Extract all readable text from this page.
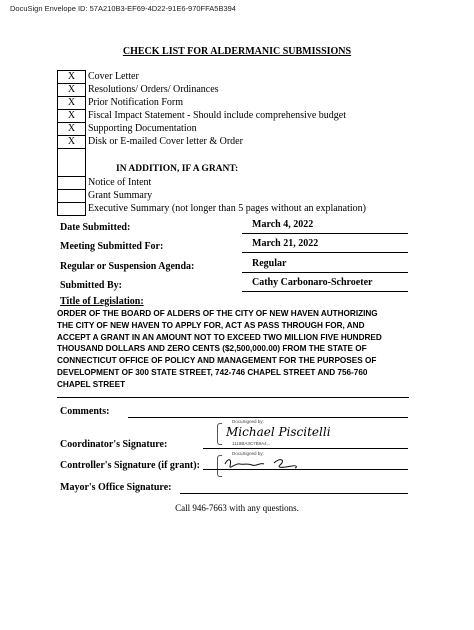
DocuSign Envelope ID: 57A210B3-EF69-4D22-91E6-970FFA5B394
CHECK LIST FOR ALDERMANIC SUBMISSIONS
X	Cover Letter
X	Resolutions/ Orders/ Ordinances
X	Prior Notification Form
X	Fiscal Impact Statement - Should include comprehensive budget
X	Supporting Documentation
X	Disk or E-mailed Cover letter & Order
IN ADDITION, IF A GRANT:
Notice of Intent
Grant Summary
Executive Summary (not longer than 5 pages without an explanation)
Date Submitted:	March 4, 2022
Meeting Submitted For:	March 21, 2022
Regular or Suspension Agenda:	Regular
Submitted By:	Cathy Carbonaro-Schroeter
Title of Legislation:
ORDER OF THE BOARD OF ALDERS OF THE CITY OF NEW HAVEN AUTHORIZING THE CITY OF NEW HAVEN TO APPLY FOR, ACT AS PASS THROUGH FOR, AND ACCEPT A GRANT IN AN AMOUNT NOT TO EXCEED TWO MILLION FIVE HUNDRED THOUSAND DOLLARS AND ZERO CENTS ($2,500,000.00) FROM THE STATE OF CONNECTICUT OFFICE OF POLICY AND MANAGEMENT FOR THE PURPOSES OF DEVELOPMENT OF 300 STATE STREET, 742-746 CHAPEL STREET AND 756-760 CHAPEL STREET
Comments:
DocuSigned by:
Michael Piscitelli
1118BA3C7B9A4...
Coordinator's Signature:
DocuSigned by:
Controller's Signature (if grant):
Mayor's Office Signature:
Call 946-7663 with any questions.
